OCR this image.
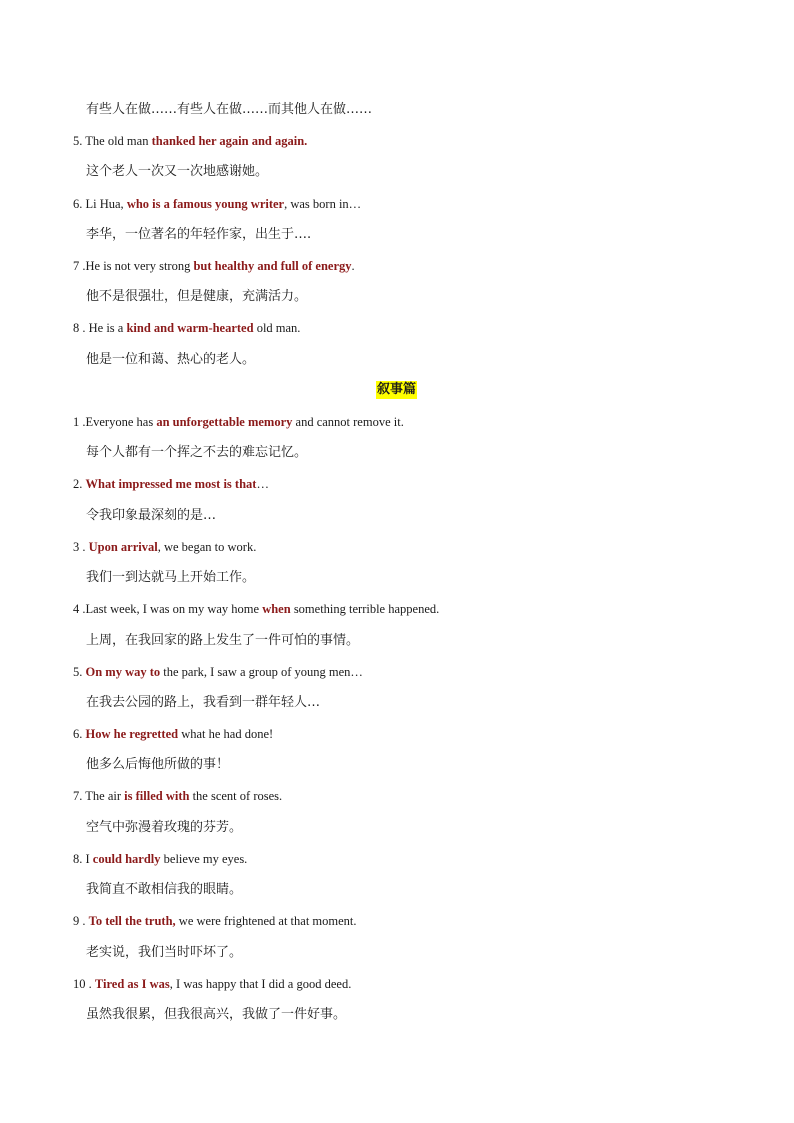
有些人在做……有些人在做……而其他人在做……
5. The old man thanked her again and again.
这个老人一次又一次地感谢她。
6. Li Hua, who is a famous young writer, was born in…
李华，一位著名的年轻作家，出生于….
7 .He is not very strong but healthy and full of energy.
他不是很强壮，但是健康，充满活力。
8 . He is a kind and warm-hearted old man.
他是一位和蔼、热心的老人。
叙事篇
1 .Everyone has an unforgettable memory and cannot remove it.
每个人都有一个挥之不去的难忘记忆。
2. What impressed me most is that…
令我印象最深刻的是…
3 . Upon arrival, we began to work.
我们一到达就马上开始工作。
4 .Last week, I was on my way home when something terrible happened.
上周，在我回家的路上发生了一件可怕的事情。
5. On my way to the park, I saw a group of young men…
在我去公园的路上，我看到一群年轻人…
6. How he regretted what he had done!
他多么后悔他所做的事！
7. The air is filled with the scent of roses.
空气中弥漫着玫瑰的芬芳。
8. I could hardly believe my eyes.
我简直不敢相信我的眼睛。
9 . To tell the truth, we were frightened at that moment.
老实说，我们当时吓坏了。
10 . Tired as I was, I was happy that I did a good deed.
虽然我很累，但我很高兴，我做了一件好事。
